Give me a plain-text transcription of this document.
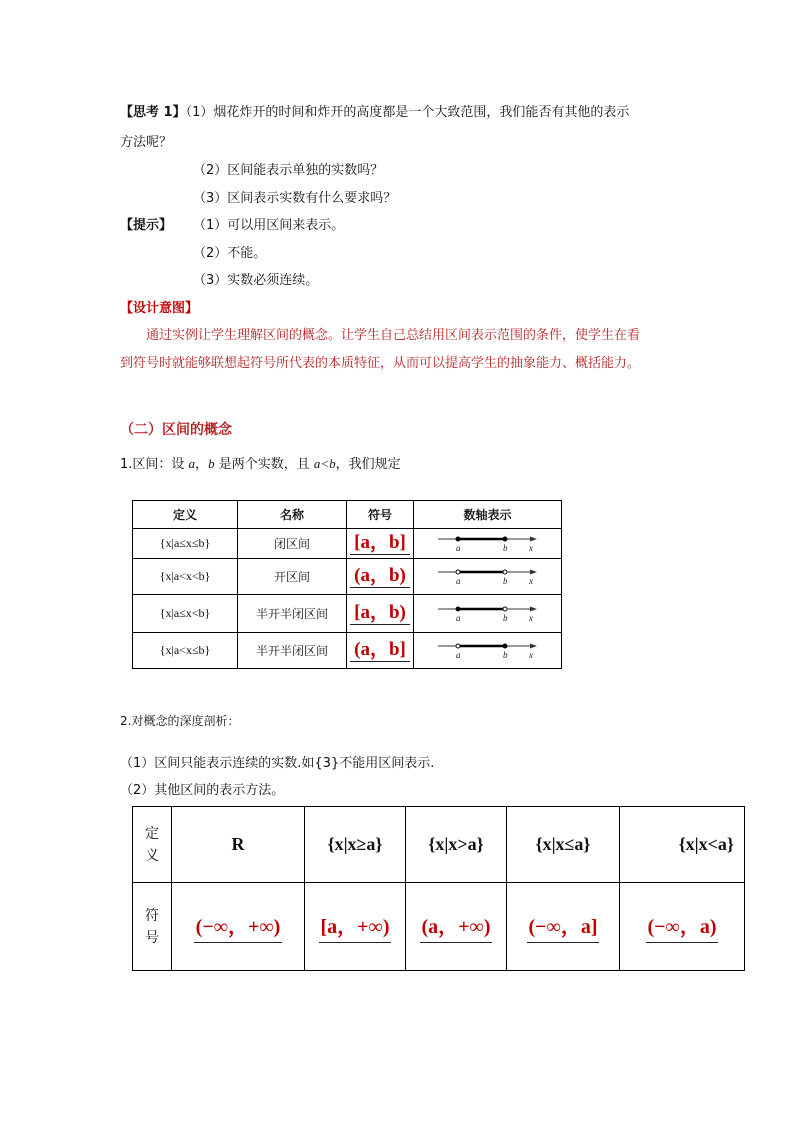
【思考 1】（1）烟花炸开的时间和炸开的高度都是一个大致范围，我们能否有其他的表示
方法呢？
（2）区间能表示单独的实数吗？
（3）区间表示实数有什么要求吗？
【提示】 （1）可以用区间来表示。
（2）不能。
（3）实数必须连续。
【设计意图】
通过实例让学生理解区间的概念。让学生自己总结用区间表示范围的条件，使学生在看
到符号时就能够联想起符号所代表的本质特征，从而可以提高学生的抽象能力、概括能力。
（二）区间的概念
1.区间：设 a，b 是两个实数，且 a<b，我们规定
定义	名称	符号	数轴表示
{x|a≤x≤b}	闭区间	[a，b]	a b x

{x|a<x<b}	开区间	(a，b)	a b x

{x|a≤x<b}	半开半闭区间	[a，b)	a b x

{x|a<x≤b}	半开半闭区间	(a，b]	a b x
2.对概念的深度剖析：
（1）区间只能表示连续的实数.如{3}不能用区间表示.
（2）其他区间的表示方法。
定义	R	{x|x≥a}	{x|x>a}	{x|x≤a}	{x|x<a}

符号	(−∞，+∞)	[a，+∞)	(a，+∞)	(−∞，a]	(−∞，a)
